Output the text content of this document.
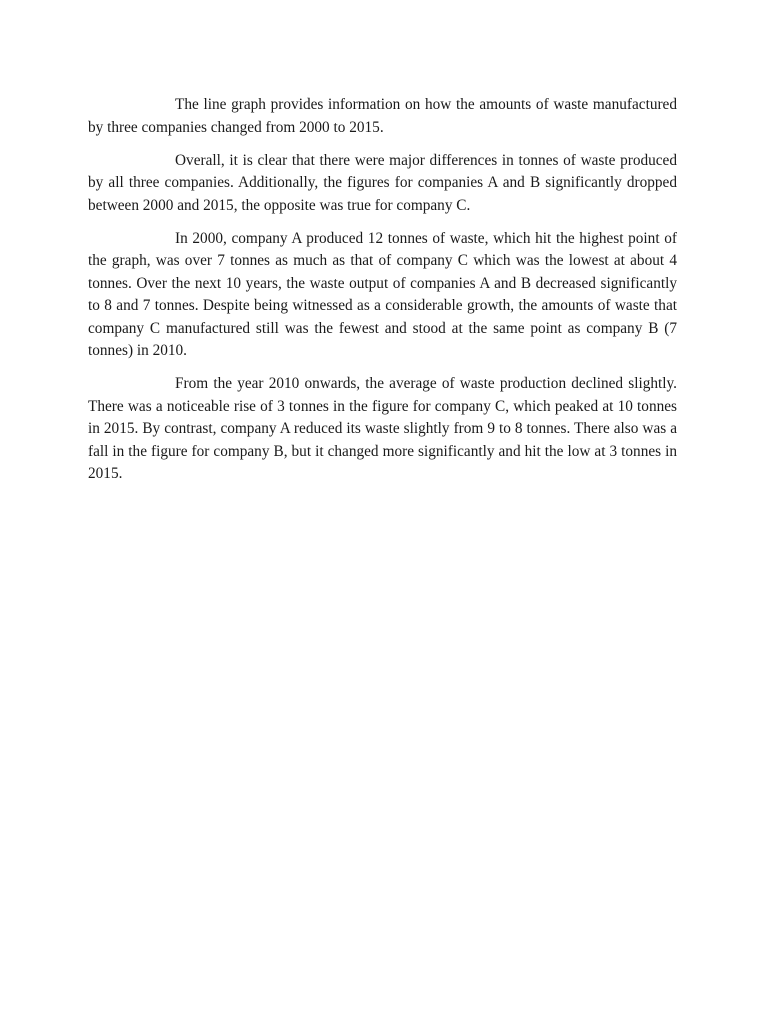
The line graph provides information on how the amounts of waste manufactured by three companies changed from 2000 to 2015.

Overall, it is clear that there were major differences in tonnes of waste produced by all three companies. Additionally, the figures for companies A and B significantly dropped between 2000 and 2015, the opposite was true for company C.

In 2000, company A produced 12 tonnes of waste, which hit the highest point of the graph, was over 7 tonnes as much as that of company C which was the lowest at about 4 tonnes. Over the next 10 years, the waste output of companies A and B decreased significantly to 8 and 7 tonnes. Despite being witnessed as a considerable growth, the amounts of waste that company C manufactured still was the fewest and stood at the same point as company B (7 tonnes) in 2010.

From the year 2010 onwards, the average of waste production declined slightly. There was a noticeable rise of 3 tonnes in the figure for company C, which peaked at 10 tonnes in 2015. By contrast, company A reduced its waste slightly from 9 to 8 tonnes. There also was a fall in the figure for company B, but it changed more significantly and hit the low at 3 tonnes in 2015.
